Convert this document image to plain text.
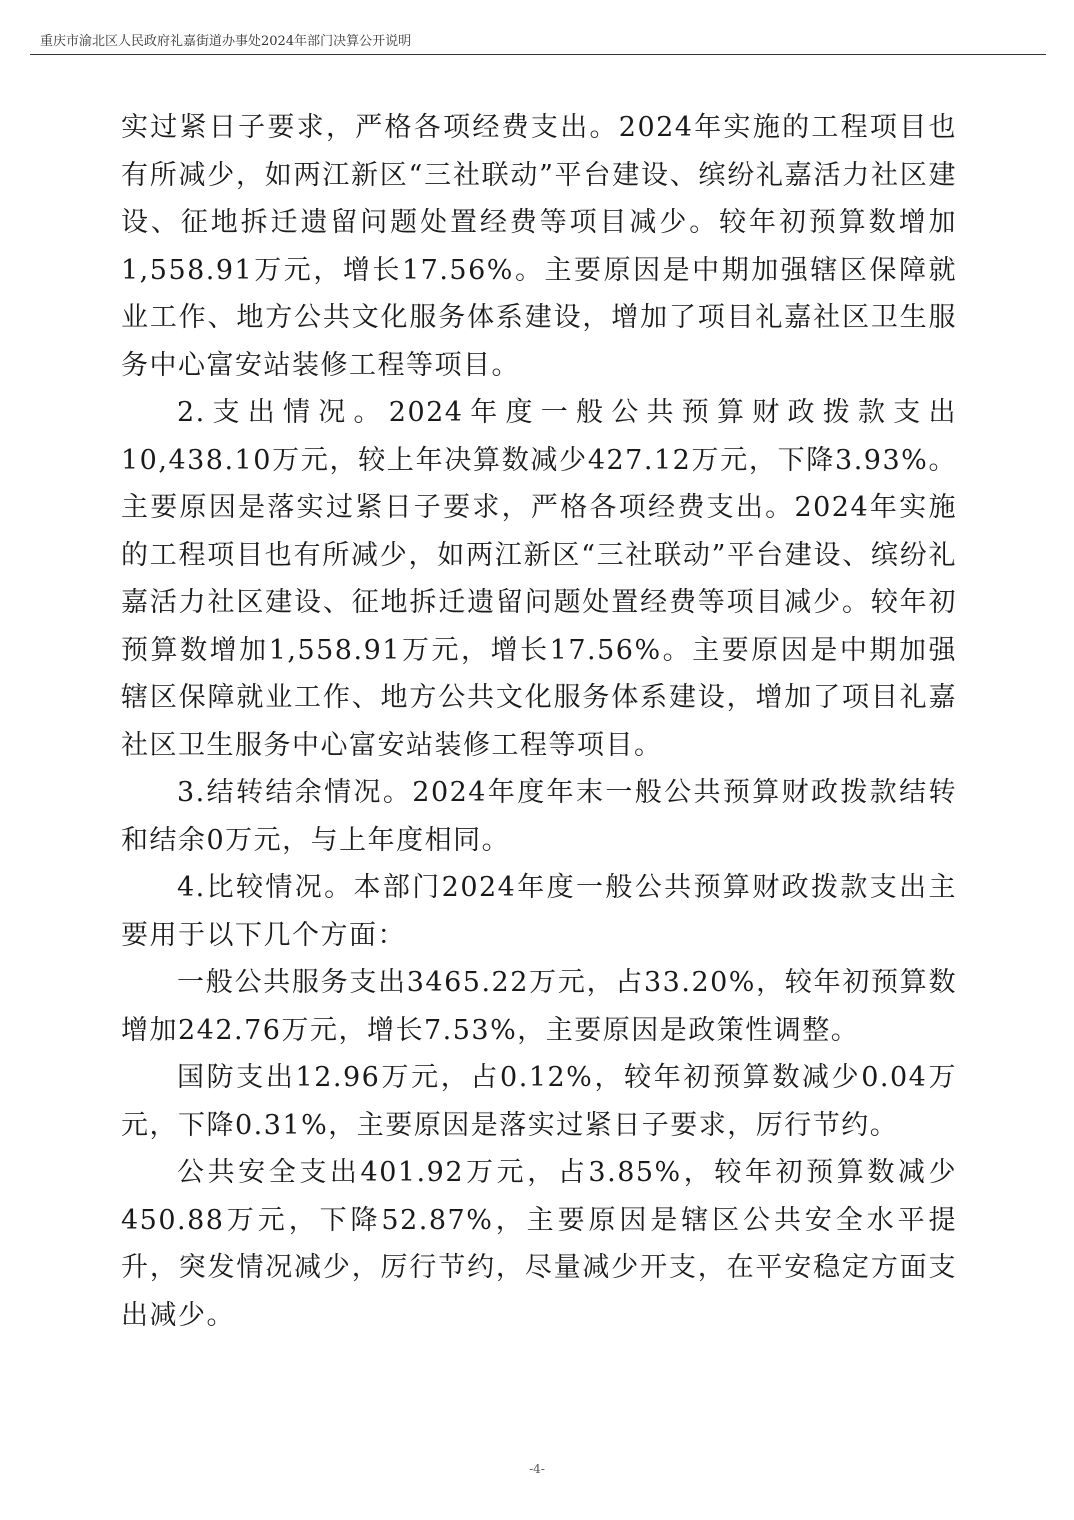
重庆市渝北区人民政府礼嘉街道办事处2024年部门决算公开说明

实过紧日子要求，严格各项经费支出。2024年实施的工程项目也有所减少，如两江新区“三社联动”平台建设、缤纷礼嘉活力社区建设、征地拆迁遗留问题处置经费等项目减少。较年初预算数增加1,558.91万元，增长17.56%。主要原因是中期加强辖区保障就业工作、地方公共文化服务体系建设，增加了项目礼嘉社区卫生服务中心富安站装修工程等项目。

2.支出情况。2024年度一般公共预算财政拨款支出10,438.10万元，较上年决算数减少427.12万元，下降3.93%。主要原因是落实过紧日子要求，严格各项经费支出。2024年实施的工程项目也有所减少，如两江新区“三社联动”平台建设、缤纷礼嘉活力社区建设、征地拆迁遗留问题处置经费等项目减少。较年初预算数增加1,558.91万元，增长17.56%。主要原因是中期加强辖区保障就业工作、地方公共文化服务体系建设，增加了项目礼嘉社区卫生服务中心富安站装修工程等项目。

3.结转结余情况。2024年度年末一般公共预算财政拨款结转和结余0万元，与上年度相同。

4.比较情况。本部门2024年度一般公共预算财政拨款支出主要用于以下几个方面：

一般公共服务支出3465.22万元，占33.20%，较年初预算数增加242.76万元，增长7.53%，主要原因是政策性调整。

国防支出12.96万元，占0.12%，较年初预算数减少0.04万元，下降0.31%，主要原因是落实过紧日子要求，厉行节约。

公共安全支出401.92万元，占3.85%，较年初预算数减少450.88万元，下降52.87%，主要原因是辖区公共安全水平提升，突发情况减少，厉行节约，尽量减少开支，在平安稳定方面支出减少。

-4-
